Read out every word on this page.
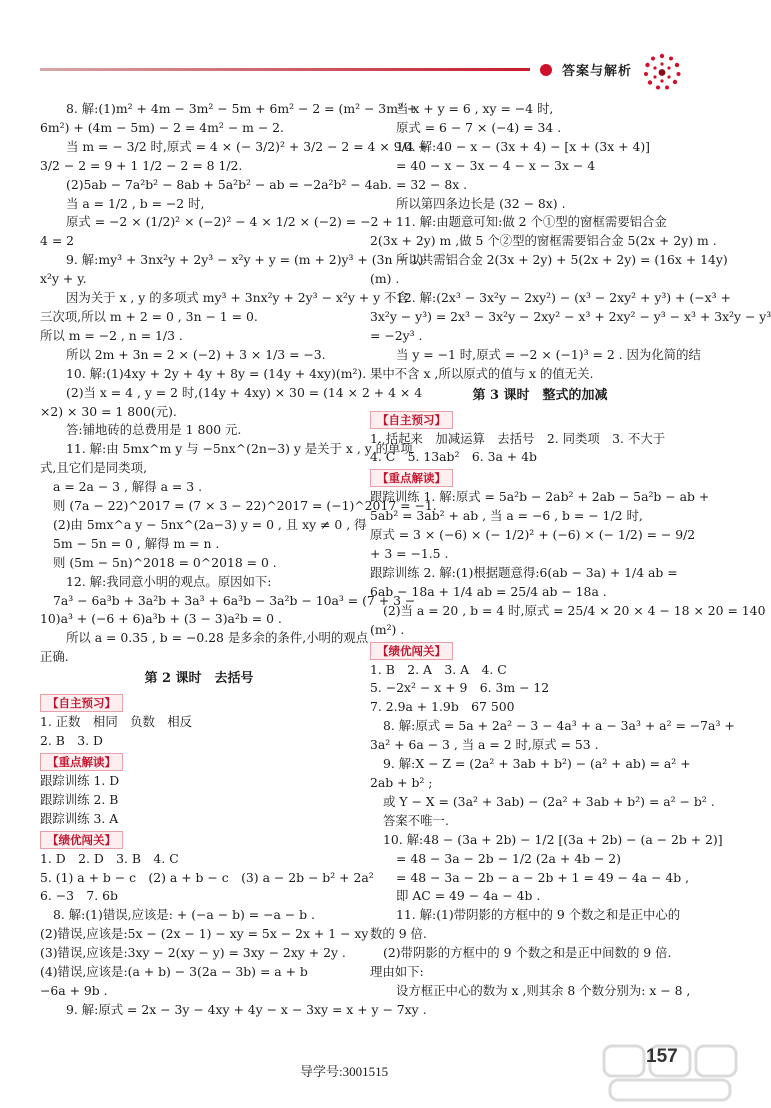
答案与解析
8. 解:(1)m² + 4m − 3m² − 5m + 6m² − 2 = (m² − 3m² +
6m²) + (4m − 5m) − 2 = 4m² − m − 2.
当 m = − 3/2 时,原式 = 4 × (− 3/2)² + 3/2 − 2 = 4 × 9/4 +
3/2 − 2 = 9 + 1 1/2 − 2 = 8 1/2.
(2)5ab − 7a²b² − 8ab + 5a²b² − ab = −2a²b² − 4ab.
当 a = 1/2 , b = −2 时,
原式 = −2 × (1/2)² × (−2)² − 4 × 1/2 × (−2) = −2 +
4 = 2
9. 解:my³ + 3nx²y + 2y³ − x²y + y = (m + 2)y³ + (3n − 1)·
x²y + y.
因为关于 x , y 的多项式 my³ + 3nx²y + 2y³ − x²y + y 不含
三次项,所以 m + 2 = 0 , 3n − 1 = 0.
所以 m = −2 , n = 1/3 .
所以 2m + 3n = 2 × (−2) + 3 × 1/3 = −3.
10. 解:(1)4xy + 2y + 4y + 8y = (14y + 4xy)(m²).
(2)当 x = 4 , y = 2 时,(14y + 4xy) × 30 = (14 × 2 + 4 × 4
×2) × 30 = 1 800(元).
答:铺地砖的总费用是 1 800 元.
11. 解:由 5mx^m y 与 −5nx^(2n−3) y 是关于 x , y 的单项
式,且它们是同类项,
a = 2a − 3 , 解得 a = 3 .
则 (7a − 22)^2017 = (7 × 3 − 22)^2017 = (−1)^2017 = −1.
(2)由 5mx^a y − 5nx^(2a−3) y = 0 , 且 xy ≠ 0 , 得
5m − 5n = 0 , 解得 m = n .
则 (5m − 5n)^2018 = 0^2018 = 0 .
12. 解:我同意小明的观点。原因如下:
7a³ − 6a³b + 3a²b + 3a³ + 6a³b − 3a²b − 10a³ = (7 + 3 −
10)a³ + (−6 + 6)a³b + (3 − 3)a²b = 0 .
所以 a = 0.35 , b = −0.28 是多余的条件,小明的观点
正确.
第 2 课时　去括号
【自主预习】
1. 正数　相同　负数　相反
2. B　3. D
【重点解读】
跟踪训练 1. D
跟踪训练 2. B
跟踪训练 3. A
【绩优闯关】
1. D　2. D　3. B　4. C
5. (1) a + b − c　(2) a + b − c　(3) a − 2b − b² + 2a²
6. −3　7. 6b
8. 解:(1)错误,应该是: + (−a − b) = −a − b .
(2)错误,应该是:5x − (2x − 1) − xy = 5x − 2x + 1 − xy .
(3)错误,应该是:3xy − 2(xy − y) = 3xy − 2xy + 2y .
(4)错误,应该是:(a + b) − 3(2a − 3b) = a + b
−6a + 9b .
9. 解:原式 = 2x − 3y − 4xy + 4y − x − 3xy = x + y − 7xy .
当 x + y = 6 , xy = −4 时,
原式 = 6 − 7 × (−4) = 34 .
10. 解:40 − x − (3x + 4) − [x + (3x + 4)]
= 40 − x − 3x − 4 − x − 3x − 4
= 32 − 8x .
所以第四条边长是 (32 − 8x) .
11. 解:由题意可知:做 2 个①型的窗框需要铝合金
2(3x + 2y) m ,做 5 个②型的窗框需要铝合金 5(2x + 2y) m .
所以共需铝合金 2(3x + 2y) + 5(2x + 2y) = (16x + 14y)
(m) .
12. 解:(2x³ − 3x²y − 2xy²) − (x³ − 2xy² + y³) + (−x³ +
3x²y − y³) = 2x³ − 3x²y − 2xy² − x³ + 2xy² − y³ − x³ + 3x²y − y³
= −2y³ .
当 y = −1 时,原式 = −2 × (−1)³ = 2 . 因为化简的结
果中不含 x ,所以原式的值与 x 的值无关.
第 3 课时　整式的加减
【自主预习】
1. 括起来　加减运算　去括号　2. 同类项　3. 不大于
4. C　5. 13ab²　6. 3a + 4b
【重点解读】
跟踪训练 1. 解:原式 = 5a²b − 2ab² + 2ab − 5a²b − ab +
5ab² = 3ab² + ab , 当 a = −6 , b = − 1/2 时,
原式 = 3 × (−6) × (− 1/2)² + (−6) × (− 1/2) = − 9/2
+ 3 = −1.5 .
跟踪训练 2. 解:(1)根据题意得:6(ab − 3a) + 1/4 ab =
6ab − 18a + 1/4 ab = 25/4 ab − 18a .
(2)当 a = 20 , b = 4 时,原式 = 25/4 × 20 × 4 − 18 × 20 = 140
(m²) .
【绩优闯关】
1. B　2. A　3. A　4. C
5. −2x² − x + 9　6. 3m − 12
7. 2.9a + 1.9b　67 500
8. 解:原式 = 5a + 2a² − 3 − 4a³ + a − 3a³ + a² = −7a³ +
3a² + 6a − 3 , 当 a = 2 时,原式 = 53 .
9. 解:X − Z = (2a² + 3ab + b²) − (a² + ab) = a² +
2ab + b² ;
或 Y − X = (3a² + 3ab) − (2a² + 3ab + b²) = a² − b² .
答案不唯一.
10. 解:48 − (3a + 2b) − 1/2 [(3a + 2b) − (a − 2b + 2)]
= 48 − 3a − 2b − 1/2 (2a + 4b − 2)
= 48 − 3a − 2b − a − 2b + 1 = 49 − 4a − 4b ,
即 AC = 49 − 4a − 4b .
11. 解:(1)带阴影的方框中的 9 个数之和是正中心的
数的 9 倍.
(2)带阴影的方框中的 9 个数之和是正中间数的 9 倍.
理由如下:
设方框正中心的数为 x ,则其余 8 个数分别为: x − 8 ,
导学号:3001515
157
